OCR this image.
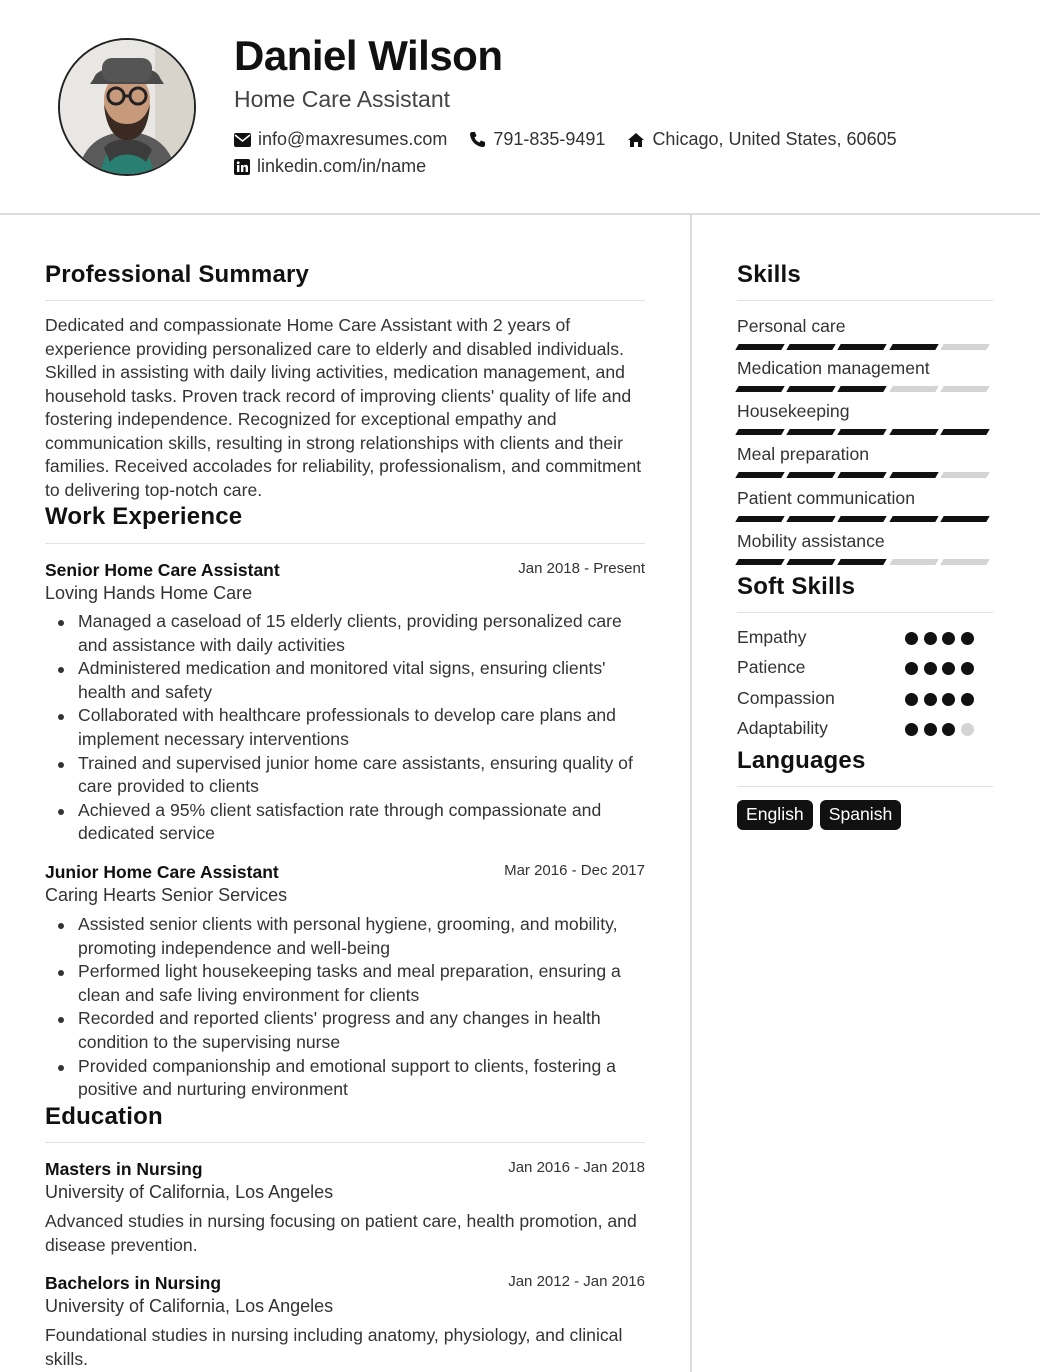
Daniel Wilson
Home Care Assistant
info@maxresumes.com	791-835-9491	Chicago, United States, 60605
linkedin.com/in/name
Professional Summary

Dedicated and compassionate Home Care Assistant with 2 years of experience providing personalized care to elderly and disabled individuals. Skilled in assisting with daily living activities, medication management, and household tasks. Proven track record of improving clients' quality of life and fostering independence. Recognized for exceptional empathy and communication skills, resulting in strong relationships with clients and their families. Received accolades for reliability, professionalism, and commitment to delivering top-notch care.

Work Experience
Senior Home Care Assistant	Jan 2018 - Present
Loving Hands Home Care
Managed a caseload of 15 elderly clients, providing personalized care and assistance with daily activities
Administered medication and monitored vital signs, ensuring clients' health and safety
Collaborated with healthcare professionals to develop care plans and implement necessary interventions
Trained and supervised junior home care assistants, ensuring quality of care provided to clients
Achieved a 95% client satisfaction rate through compassionate and dedicated service
Junior Home Care Assistant	Mar 2016 - Dec 2017
Caring Hearts Senior Services
Assisted senior clients with personal hygiene, grooming, and mobility, promoting independence and well-being
Performed light housekeeping tasks and meal preparation, ensuring a clean and safe living environment for clients
Recorded and reported clients' progress and any changes in health condition to the supervising nurse
Provided companionship and emotional support to clients, fostering a positive and nurturing environment
Education
Masters in Nursing	Jan 2016 - Jan 2018
University of California, Los Angeles

Advanced studies in nursing focusing on patient care, health promotion, and disease prevention.

Bachelors in Nursing	Jan 2012 - Jan 2016
University of California, Los Angeles

Foundational studies in nursing including anatomy, physiology, and clinical skills.

Skills
Personal care
Medication management
Housekeeping
Meal preparation
Patient communication
Mobility assistance
Soft Skills
Empathy
Patience
Compassion
Adaptability
Languages
English	Spanish
